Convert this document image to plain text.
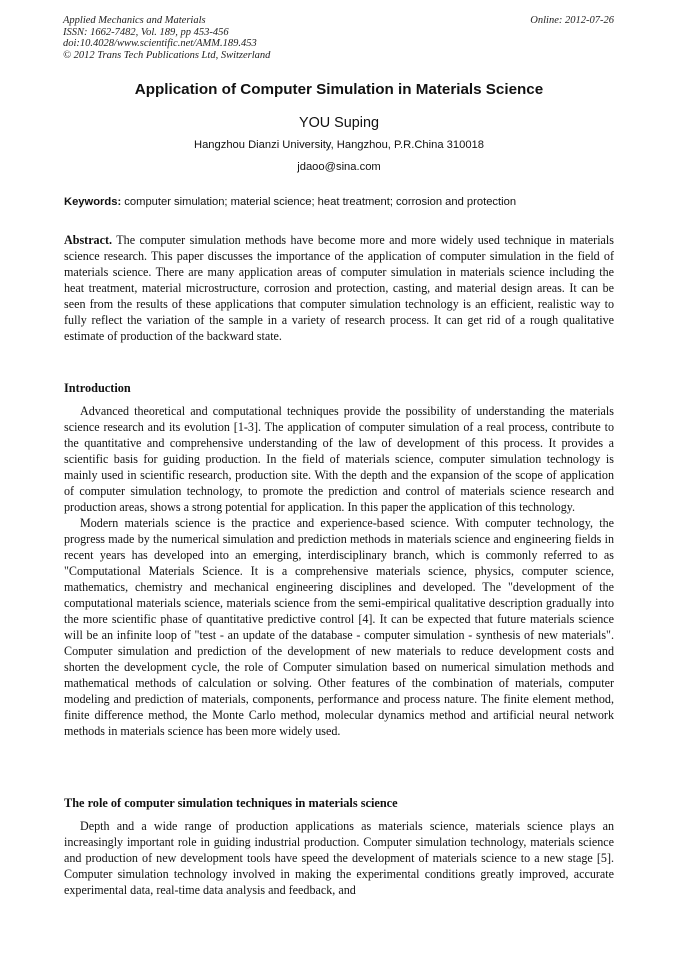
Applied Mechanics and Materials
ISSN: 1662-7482, Vol. 189, pp 453-456
doi:10.4028/www.scientific.net/AMM.189.453
© 2012 Trans Tech Publications Ltd, Switzerland
Online: 2012-07-26
Application of Computer Simulation in Materials Science
YOU Suping
Hangzhou Dianzi University, Hangzhou, P.R.China 310018
jdaoo@sina.com
Keywords: computer simulation; material science; heat treatment; corrosion and protection

Abstract. The computer simulation methods have become more and more widely used technique in materials science research. This paper discusses the importance of the application of computer simulation in the field of materials science. There are many application areas of computer simulation in materials science including the heat treatment, material microstructure, corrosion and protection, casting, and material design areas. It can be seen from the results of these applications that computer simulation technology is an efficient, realistic way to fully reflect the variation of the sample in a variety of research process. It can get rid of a rough qualitative estimate of production of the backward state.

Introduction

Advanced theoretical and computational techniques provide the possibility of understanding the materials science research and its evolution [1-3]. The application of computer simulation of a real process, contribute to the quantitative and comprehensive understanding of the law of development of this process. It provides a scientific basis for guiding production. In the field of materials science, computer simulation technology is mainly used in scientific research, production site. With the depth and the expansion of the scope of application of computer simulation technology, to promote the prediction and control of materials science research and production areas, shows a strong potential for application. In this paper the application of this technology.

Modern materials science is the practice and experience-based science. With computer technology, the progress made by the numerical simulation and prediction methods in materials science and engineering fields in recent years has developed into an emerging, interdisciplinary branch, which is commonly referred to as "Computational Materials Science. It is a comprehensive materials science, physics, computer science, mathematics, chemistry and mechanical engineering disciplines and developed. The "development of the computational materials science, materials science from the semi-empirical qualitative description gradually into the more scientific phase of quantitative predictive control [4]. It can be expected that future materials science will be an infinite loop of "test - an update of the database - computer simulation - synthesis of new materials". Computer simulation and prediction of the development of new materials to reduce development costs and shorten the development cycle, the role of Computer simulation based on numerical simulation methods and mathematical methods of calculation or solving. Other features of the combination of materials, computer modeling and prediction of materials, components, performance and process nature. The finite element method, finite difference method, the Monte Carlo method, molecular dynamics method and artificial neural network methods in materials science has been more widely used.

The role of computer simulation techniques in materials science

Depth and a wide range of production applications as materials science, materials science plays an increasingly important role in guiding industrial production. Computer simulation technology, materials science and production of new development tools have speed the development of materials science to a new stage [5]. Computer simulation technology involved in making the experimental conditions greatly improved, accurate experimental data, real-time data analysis and feedback, and
